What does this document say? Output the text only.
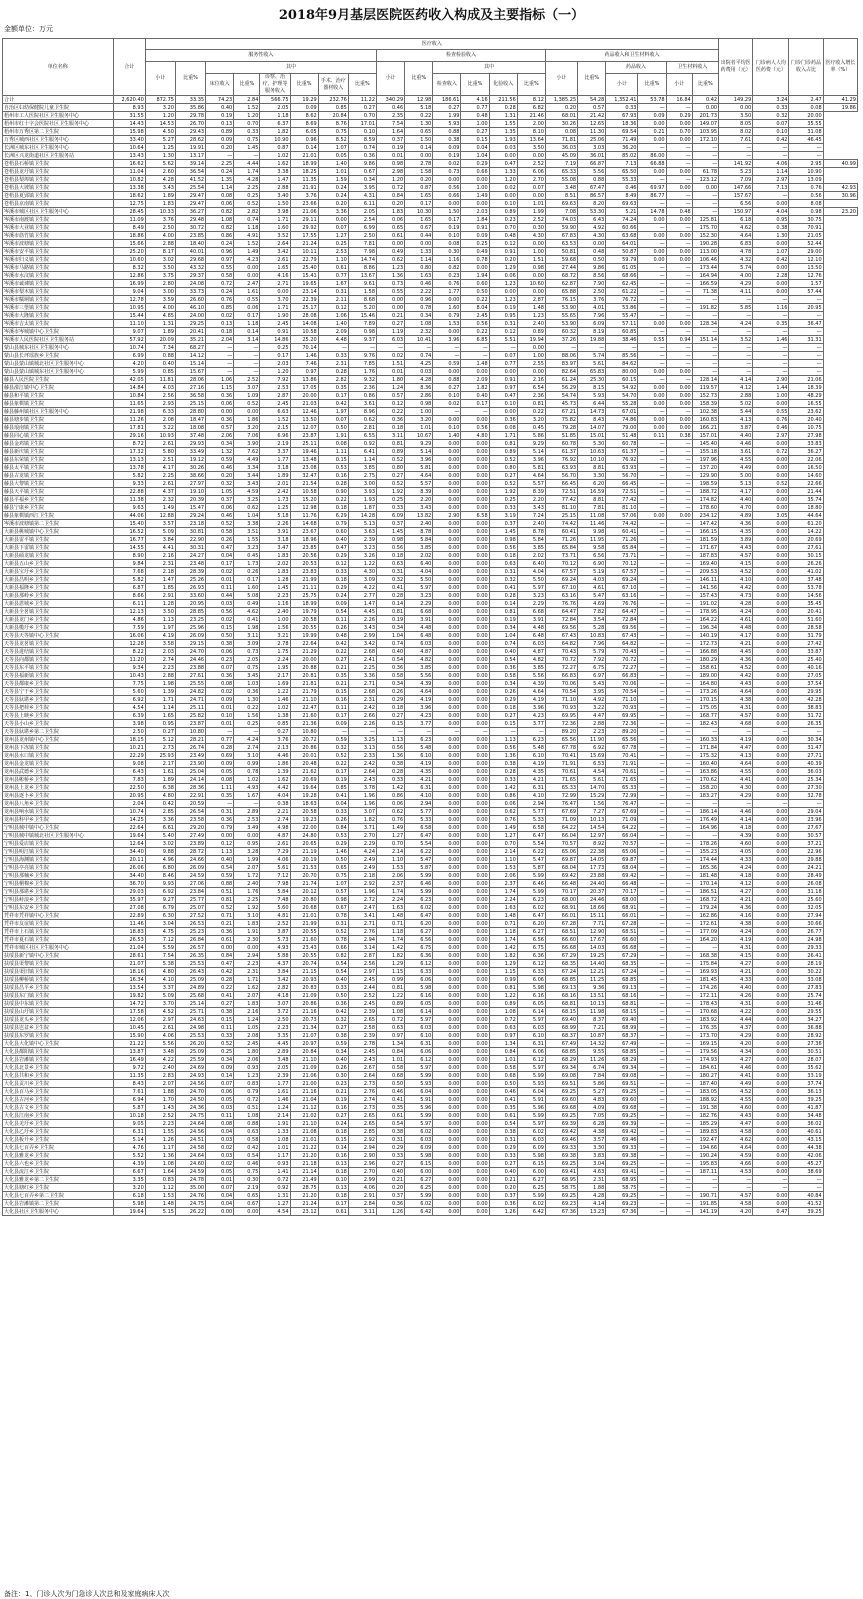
2018年9月基层医院医药收入构成及主要指标（一）
金额单位：万元
单位名称	合计	医疗收入																				出院者平均医药费用（元）	门诊病人人均医药费（元）	门诊门诊药品收入占比	医疗收入增长率（%）
		服务性收入								检查检验收入						药品收入和卫生材料收入									
		小计	比重%	其中						小计	比重%	其中				小计	比重%	药品收入		卫生材料收入					
				床位收入	比重%	诊察、治疗、护理等服务收入	比重%	手术、治疗器材收入	比重%			检查收入	比重%	化验收入	比重%			小计	比重%	小计	比重%				
合计	2,620.40	872.75	33.35	74.23	2.84	566.75	19.29	232.76	11.22	340.29	12.98	186.61	4.16	211.56	8.12	1,385.25	54.28	1,352.41	53.78	16.84	0.42	149.29	3.24	2.47	41.29
自治区妇幼保健院儿童卫生院	8.93	3.20	35.86	0.40	1.52	2.05	0.09	0.85	0.27	0.46	5.18	0.27	0.77	0.28	6.82	0.20	0.57	0.33	—	—	0.00	0.00	0.33	0.08	19.86
梧州市工人医院社区卫生服务中心	31.55	1.20	29.78	0.19	1.20	1.18	8.62	20.84	0.70	2.35	0.22	1.99	0.48	1.31	21.46	68.01	21.42	67.93	0.09	0.29	201.73	3.50	0.32	20.00	
梧州市红十字会医院社区卫生服务中心	14.43	14.53	26.70	0.13	0.70	6.37	8.69	8.76	17.01	7.54	1.30	5.93	1.00	1.55	2.00	30.26	12.65	18.36	0.00	0.00	149.07	8.05	0.07	35.55	
梧州市万秀区第二卫生院	15.98	4.50	29.43	0.89	0.33	1.82	6.05	0.75	0.10	1.64	0.65	0.88	0.27	1.35	8.10	0.08	11.30	69.54	0.21	0.70	103.95	8.02	0.10	31.08	
万秀区城西社区卫生服务中心	33.40	5.27	28.62	0.09	0.75	10.90	0.96	8.52	8.59	0.37	1.50	0.38	0.15	1.93	13.64	71.81	25.06	71.49	0.00	0.00	172.10	7.61	0.42	46.45	
长洲区城东社区卫生服务中心	10.64	1.25	19.91	0.20	1.45	0.87	0.14	1.07	0.74	0.19	0.14	0.09	0.04	0.03	3.50	36.03	3.03	36.20	—	—	—	—	—	—	
长洲区兴龙街道社区卫生服务站	13.43	1.30	13.17	—	—	1.02	21.01	0.05	0.36	0.01	0.00	0.19	1.04	0.00	0.00	45.09	36.01	85.02	86.00	—	—	—	—	—	
苍梧县石桥镇卫生院	16.62	5.62	39.14	2.25	4.44	1.62	18.99	1.40	9.86	0.98	2.78	0.02	0.29	0.47	2.52	7.19	66.87	7.13	66.88	—	—	141.92	4.06	2.95	40.99
苍梧县龙圩镇卫生院	11.04	2.60	36.54	0.24	1.74	3.38	18.25	1.01	0.67	2.98	1.58	0.73	0.66	1.33	6.06	65.33	5.56	65.50	0.00	0.00	61.78	5.23	1.14	10.90	
苍梧县梨埠镇卫生院	10.82	4.28	41.52	1.35	4.28	1.47	11.35	1.59	0.34	1.20	0.20	0.00	0.00	1.20	2.70	55.08	0.88	55.33	—	—	123.12	7.09	2.97	13.09	
苍梧县大坡镇卫生院	13.38	3.43	25.54	1.14	2.25	2.88	21.91	0.24	3.95	0.72	0.87	0.56	1.00	0.02	0.07	3.48	67.47	0.46	69.97	0.00	0.00	147.66	7.13	0.76	42.93
苍梧县夏郢镇卫生院	18.62	1.89	29.47	0.08	0.25	3.40	3.76	0.24	4.31	0.84	1.65	0.66	1.49	0.00	0.00	8.51	86.57	8.49	86.77	—	—	157.67	—	0.56	30.96
苍梧县京南镇卫生院	12.75	1.83	29.47	0.06	0.52	1.50	23.66	0.20	6.11	0.20	0.17	0.00	0.00	0.10	1.01	69.63	8.20	69.63	—	—	—	6.56	0.00	8.08	
岑溪市城区社区卫生服务中心	28.45	10.33	36.27	0.82	2.82	3.98	21.06	3.36	2.05	1.83	10.30	1.50	2.03	0.89	1.99	7.08	53.30	5.21	14.78	0.48	—	150.97	4.04	0.98	23.20
岑溪市南渡镇卫生院	11.09	3.76	29.48	1.08	0.74	1.71	29.11	0.00	2.54	0.06	1.65	0.17	1.84	0.23	2.52	74.03	6.43	74.24	0.00	0.00	125.81	6.18	0.95	30.75	
岑溪市大业镇卫生院	8.49	2.50	30.72	0.82	1.18	1.60	29.92	0.07	6.99	0.65	0.67	0.19	0.91	0.70	0.30	59.90	4.92	60.66	—	—	175.70	4.62	0.38	70.91	
岑溪市筋竹镇卫生院	18.86	4.00	23.85	0.86	4.91	3.52	17.55	1.27	2.50	0.61	0.44	0.10	0.09	0.48	4.30	67.83	4.30	63.68	0.00	0.00	152.30	4.64	1.30	21.05	
岑溪市波塘镇卫生院	15.66	2.88	18.40	0.24	1.52	2.64	21.24	0.25	7.81	0.00	0.00	0.08	0.25	0.12	0.00	63.53	0.00	64.01	—	—	190.28	6.83	0.00	52.44	
岑溪市安平镇卫生院	25.20	8.17	40.01	0.96	1.49	3.42	10.11	2.53	7.98	0.49	1.33	0.30	0.49	0.91	1.00	50.81	0.48	50.87	0.00	0.00	113.00	4.78	1.07	29.00	
岑溪市归义镇卫生院	10.60	3.02	29.68	0.97	4.23	2.61	22.79	1.10	14.74	0.62	1.14	1.16	0.78	0.20	1.51	59.68	0.50	59.79	0.00	0.00	106.46	4.32	0.42	12.10	
岑溪市马路镇卫生院	8.32	3.50	43.32	0.55	0.00	1.65	25.40	0.61	8.86	1.23	0.80	0.82	0.00	1.29	0.98	27.44	9.86	61.05	—	—	173.44	5.74	0.00	13.50	
岑溪市水汶镇卫生院	12.86	3.75	29.37	0.58	0.00	4.16	15.41	0.77	13.67	1.36	1.63	0.23	1.94	0.06	0.00	68.72	8.56	68.66	—	—	164.94	4.00	2.28	12.76	
岑溪市诚谏镇卫生院	16.99	2.80	24.08	0.72	2.47	2.71	19.65	1.67	9.61	0.73	0.46	0.76	0.60	1.23	10.60	62.87	7.90	62.45	—	—	166.59	4.29	0.00	1.57	
岑溪市梨木镇卫生院	9.04	3.00	33.73	0.24	1.61	0.00	23.14	0.31	1.58	0.55	2.22	1.77	0.50	0.00	0.00	65.88	2.50	61.22	—	—	71.38	4.11	0.00	57.44	
岑溪市糯垌镇卫生院	12.78	3.59	26.60	0.76	0.55	3.70	22.39	2.11	8.68	0.00	0.96	0.00	0.22	1.23	2.87	76.15	3.76	76.72	—	—	—	—	—	—	
岑溪市三堡镇卫生院	10.95	4.00	46.10	0.85	0.06	1.71	25.17	0.12	5.20	0.00	0.78	1.60	8.04	0.19	1.48	53.90	4.01	53.86	—	—	191.82	5.85	1.16	20.95	
岑溪市大隆镇卫生院	15.44	4.85	24.00	0.02	0.17	1.90	28.08	1.06	15.46	0.21	0.34	0.79	2.45	0.95	1.23	55.65	7.96	55.47	—	—	—	—	—	—	
岑溪市吉太镇卫生院	11.10	1.31	29.25	0.13	1.18	2.45	14.08	1.40	7.89	0.27	1.08	1.53	0.56	0.31	2.40	53.90	6.09	57.11	0.00	0.00	128.34	4.24	0.35	36.47	
岑溪市岑城镇中心卫生院	9.07	1.89	20.41	0.18	0.14	0.91	10.58	2.09	0.98	1.19	2.32	0.00	0.22	0.12	0.89	60.32	8.19	60.85	—	—	—	—	—	—	
岑溪市人民医院社区卫生服务站	57.92	20.09	35.21	2.04	3.14	14.86	25.20	4.48	9.37	6.03	10.41	3.96	6.85	5.51	19.94	37.26	19.88	38.46	0.55	0.94	151.14	3.52	1.46	31.31	
蒙山县城东社区卫生服务中心	10.74	7.34	68.27	—	—	0.25	70.14	—	—	—	—	—	—	—	0.00	—	—	—	—	—	—	—	—	—	
蒙山县长坪瑶族乡卫生院	6.99	0.88	14.12	—	—	0.17	1.46	0.33	9.76	0.02	0.74	—	—	0.07	1.00	88.06	5.74	85.56	—	—	—	—	—	—	
蒙山县蒙山镇城北社区卫生服务中心	4.20	0.40	15.14	—	—	2.03	7.46	2.31	7.85	1.51	4.25	0.59	1.48	0.77	2.55	83.97	5.61	84.62	—	—	—	—	—	—	
蒙山县蒙山镇城东社区卫生服务中心	5.99	0.85	15.67	—	—	1.20	0.97	0.28	1.76	0.01	0.03	0.00	0.00	0.00	0.00	82.64	65.83	80.00	0.00	0.00	—	—	—	—	
藤县人民医院卫生院	42.05	11.81	28.06	1.06	2.52	7.92	13.86	2.82	9.32	1.80	4.28	0.88	2.09	0.91	2.16	61.24	25.30	60.15	—	—	128.14	4.14	2.90	21.06	
藤县濛江镇中心卫生院	14.84	4.03	27.16	1.15	3.07	2.53	17.05	0.35	2.36	1.24	8.36	0.27	1.82	0.97	6.54	56.29	8.15	54.92	0.00	0.00	119.57	4.12	1.44	18.39	
藤县和平镇卫生院	10.84	2.56	36.58	0.36	1.09	2.87	20.00	0.17	0.86	0.57	2.86	0.10	0.40	0.47	2.36	54.74	5.93	54.70	0.00	0.00	152.73	2.88	1.00	48.29	
藤县象棋镇卫生院	11.65	2.93	25.15	0.06	0.52	2.45	21.03	0.42	3.61	0.12	0.98	0.02	0.17	0.10	0.81	45.73	6.44	55.28	0.00	0.00	158.39	5.02	0.00	16.55	
藤县藤州镇社区卫生服务中心	21.98	6.33	28.80	0.00	0.00	6.63	12.46	1.97	8.96	0.22	1.00	—	—	0.00	0.22	67.21	14.73	67.01	—	—	102.38	5.44	0.55	23.62	
藤县塘步镇卫生院	11.26	2.08	18.47	0.36	1.86	1.52	13.50	0.07	0.62	0.36	3.20	0.00	0.00	0.36	3.20	75.82	8.43	74.86	0.00	0.00	160.83	4.13	0.76	20.40	
藤县琅南镇卫生院	17.81	3.22	18.08	0.57	3.20	2.15	12.07	0.50	2.81	0.18	1.01	0.10	0.56	0.08	0.45	79.28	14.07	79.00	0.00	0.00	166.21	3.87	0.46	10.75	
藤县同心镇卫生院	29.16	10.93	37.48	2.06	7.06	6.96	23.87	1.91	6.55	3.11	10.67	1.40	4.80	1.71	5.86	51.85	15.01	51.48	0.11	0.38	157.01	4.40	2.97	27.98	
藤县金鸡镇卫生院	8.72	2.61	29.93	0.34	3.90	2.19	25.11	0.08	0.92	0.81	9.29	0.00	0.00	0.81	9.29	60.78	5.30	60.78	—	—	145.40	4.46	0.00	33.83	
藤县新庆镇卫生院	17.32	5.80	33.49	1.32	7.62	3.37	19.46	1.11	6.41	0.89	5.14	0.00	0.00	0.89	5.14	61.37	10.63	61.37	—	—	155.18	3.61	0.72	36.27	
藤县东荣镇卫生院	13.13	2.51	19.12	0.59	4.49	1.77	13.48	0.15	1.14	0.52	3.96	0.00	0.00	0.52	3.96	76.92	10.10	76.92	—	—	197.96	4.55	0.00	22.06	
藤县太平镇卫生院	13.78	4.17	30.26	0.46	3.34	3.18	23.08	0.53	3.85	0.80	5.81	0.00	0.00	0.80	5.81	63.93	8.81	63.93	—	—	137.20	4.49	0.00	16.50	
藤县古龙镇卫生院	5.82	2.25	38.66	0.20	3.44	1.89	32.47	0.16	2.75	0.27	4.64	0.00	0.00	0.27	4.64	56.70	3.30	56.70	—	—	129.90	5.00	0.00	14.60	
藤县大黎镇卫生院	9.33	2.61	27.97	0.32	3.43	2.01	21.54	0.28	3.00	0.52	5.57	0.00	0.00	0.52	5.57	66.45	6.20	66.45	—	—	198.59	5.13	0.52	22.66	
藤县天平镇卫生院	22.88	4.37	19.10	1.05	4.59	2.42	10.58	0.90	3.93	1.92	8.39	0.00	0.00	1.92	8.39	72.51	16.59	72.51	—	—	188.72	4.17	0.00	21.44	
藤县平福乡卫生院	11.38	2.32	20.39	0.37	3.25	1.73	15.20	0.22	1.93	0.25	2.20	0.00	0.00	0.25	2.20	77.42	8.81	77.42	—	—	174.82	4.40	0.00	35.74	
藤县宁康乡卫生院	9.63	1.49	15.47	0.06	0.62	1.25	12.98	0.18	1.87	0.33	3.43	0.00	0.00	0.33	3.43	81.10	7.81	81.10	—	—	178.60	4.70	0.00	18.80	
藤县象棋镇西江卫生院	44.06	12.88	29.24	0.46	1.04	5.18	11.76	6.29	14.28	6.09	13.82	2.90	6.58	3.19	7.24	25.15	11.08	57.06	0.00	0.00	234.12	4.89	3.05	44.64	
岑溪市波塘镇第二卫生院	15.40	3.57	23.18	0.52	3.38	2.26	14.68	0.79	5.13	0.37	2.40	0.00	0.00	0.37	2.40	74.42	11.46	74.42	—	—	147.42	4.36	0.00	61.20	
大新县桃城镇中心卫生院	16.52	5.09	30.81	0.58	3.51	3.91	23.67	0.60	3.63	1.45	8.78	0.00	0.00	1.45	8.78	60.41	9.98	60.41	—	—	166.15	4.35	0.00	14.22	
大新县雷平镇卫生院	16.77	3.84	22.90	0.26	1.55	3.18	18.96	0.40	2.39	0.98	5.84	0.00	0.00	0.98	5.84	71.26	11.95	71.26	—	—	181.59	3.89	0.00	20.69	
大新县下雷镇卫生院	14.55	4.41	30.31	0.47	3.23	3.47	23.85	0.47	3.23	0.56	3.85	0.00	0.00	0.56	3.85	65.84	9.58	65.84	—	—	171.67	4.43	0.00	27.61	
大新县硕龙镇卫生院	8.90	2.16	24.27	0.04	0.45	1.83	20.56	0.29	3.26	0.18	2.02	0.00	0.00	0.18	2.02	73.71	6.56	73.71	—	—	187.83	4.57	0.00	30.15	
大新县五山乡卫生院	9.84	2.31	23.48	0.17	1.73	2.02	20.53	0.12	1.22	0.63	6.40	0.00	0.00	0.63	6.40	70.12	6.90	70.12	—	—	169.40	4.15	0.00	26.26	
大新县宝圩乡卫生院	7.68	2.18	28.39	0.02	0.26	1.83	23.83	0.33	4.30	0.31	4.04	0.00	0.00	0.31	4.04	67.57	5.19	67.57	—	—	209.53	4.52	0.00	41.02	
大新县昌明乡卫生院	5.82	1.47	25.26	0.01	0.17	1.28	21.99	0.18	3.09	0.32	5.50	0.00	0.00	0.32	5.50	69.24	4.03	69.24	—	—	146.11	4.10	0.00	37.48	
大新县福隆乡卫生院	6.87	1.85	26.93	0.11	1.60	1.45	21.11	0.29	4.22	0.41	5.97	0.00	0.00	0.41	5.97	67.10	4.61	67.10	—	—	141.56	4.42	0.00	53.78	
大新县那岭乡卫生院	8.66	2.91	33.60	0.44	5.08	2.23	25.75	0.24	2.77	0.28	3.23	0.00	0.00	0.28	3.23	63.16	5.47	63.16	—	—	157.43	4.73	0.00	14.56	
大新县恩城乡卫生院	6.11	1.28	20.95	0.03	0.49	1.16	18.99	0.09	1.47	0.14	2.29	0.00	0.00	0.14	2.29	76.76	4.69	76.76	—	—	191.02	4.28	0.00	35.45	
大新县全茗镇卫生院	12.13	3.50	28.85	0.56	4.62	2.40	19.79	0.54	4.45	0.81	6.68	0.00	0.00	0.81	6.68	64.47	7.82	64.47	—	—	178.95	4.24	0.00	20.41	
大新县龙门乡卫生院	4.86	1.13	23.25	0.02	0.41	1.00	20.58	0.11	2.26	0.19	3.91	0.00	0.00	0.19	3.91	72.84	3.54	72.84	—	—	164.22	4.61	0.00	51.60	
大新县榄圩乡卫生院	7.59	1.97	25.96	0.15	1.98	1.56	20.55	0.26	3.43	0.34	4.48	0.00	0.00	0.34	4.48	69.56	5.28	69.56	—	—	196.34	4.48	0.00	28.58	
天等县天等镇中心卫生院	16.06	4.19	26.09	0.50	3.11	3.21	19.99	0.48	2.99	1.04	6.48	0.00	0.00	1.04	6.48	67.43	10.83	67.43	—	—	140.19	4.17	0.00	31.79	
天等县龙茗镇卫生院	12.28	3.58	29.15	0.38	3.09	2.78	22.64	0.42	3.42	0.74	6.03	0.00	0.00	0.74	6.03	64.82	7.96	64.82	—	—	172.73	4.21	0.00	27.42	
天等县进结镇卫生院	8.22	2.03	24.70	0.06	0.73	1.75	21.29	0.22	2.68	0.40	4.87	0.00	0.00	0.40	4.87	70.43	5.79	70.43	—	—	166.88	4.45	0.00	33.87	
天等县向都镇卫生院	11.20	2.74	24.46	0.23	2.05	2.24	20.00	0.27	2.41	0.54	4.82	0.00	0.00	0.54	4.82	70.72	7.92	70.72	—	—	180.29	4.36	0.00	25.40	
天等县东平镇卫生院	9.34	2.23	23.88	0.07	0.75	1.95	20.88	0.21	2.25	0.36	3.85	0.00	0.00	0.36	3.85	72.27	6.75	72.27	—	—	158.61	4.52	0.00	40.16	
天等县福新镇卫生院	10.43	2.88	27.61	0.36	3.45	2.17	20.81	0.35	3.36	0.58	5.56	0.00	0.00	0.58	5.56	66.83	6.97	66.83	—	—	189.00	4.42	0.00	27.05	
天等县都康乡卫生院	7.75	1.98	25.55	0.08	1.03	1.69	21.81	0.21	2.71	0.34	4.39	0.00	0.00	0.34	4.39	70.06	5.43	70.06	—	—	164.80	4.43	0.00	37.54	
天等县宁干乡卫生院	5.60	1.39	24.82	0.02	0.36	1.22	21.79	0.15	2.68	0.26	4.64	0.00	0.00	0.26	4.64	70.54	3.95	70.54	—	—	173.26	4.64	0.00	29.95	
天等县驮堪乡卫生院	6.92	1.71	24.71	0.09	1.30	1.46	21.10	0.16	2.31	0.29	4.19	0.00	0.00	0.29	4.19	71.10	4.92	71.10	—	—	170.15	4.38	0.00	42.28	
天等县把荷乡卫生院	4.54	1.14	25.11	0.01	0.22	1.02	22.47	0.11	2.42	0.18	3.96	0.00	0.00	0.18	3.96	70.93	3.22	70.93	—	—	175.05	4.31	0.00	38.83	
天等县上映乡卫生院	6.39	1.65	25.82	0.10	1.56	1.38	21.60	0.17	2.66	0.27	4.23	0.00	0.00	0.27	4.23	69.95	4.47	69.95	—	—	168.77	4.57	0.00	31.72	
天等县小山乡卫生院	3.98	0.95	23.87	0.01	0.25	0.85	21.36	0.09	2.26	0.15	3.77	0.00	0.00	0.15	3.77	72.36	2.88	72.36	—	—	182.43	4.68	0.00	26.35	
天等县驮堪乡第二卫生院	2.50	0.27	10.80	—	—	0.27	10.80	—	—	—	—	—	—	—	—	89.20	2.23	89.20	—	—	—	—	—	—	
龙州县龙州镇中心卫生院	18.15	5.12	28.21	0.77	4.24	3.76	20.72	0.59	3.25	1.13	6.23	0.00	0.00	1.13	6.23	65.56	11.90	65.56	—	—	160.33	4.19	0.00	30.34	
龙州县下冻镇卫生院	10.21	2.73	26.74	0.28	2.74	2.13	20.86	0.32	3.13	0.56	5.48	0.00	0.00	0.56	5.48	67.78	6.92	67.78	—	—	171.84	4.47	0.00	31.47	
龙州县水口镇卫生院	22.29	25.93	23.49	0.69	3.10	4.46	20.01	0.52	2.33	1.36	6.10	0.00	0.00	1.36	6.10	70.41	15.69	70.41	—	—	175.32	4.13	0.00	27.71	
龙州县金龙镇卫生院	9.08	2.17	23.90	0.09	0.99	1.86	20.48	0.22	2.42	0.38	4.19	0.00	0.00	0.38	4.19	71.91	6.53	71.91	—	—	160.40	4.64	0.00	40.39	
龙州县武德乡卫生院	6.43	1.61	25.04	0.05	0.78	1.39	21.62	0.17	2.64	0.28	4.35	0.00	0.00	0.28	4.35	70.61	4.54	70.61	—	—	163.86	4.55	0.00	36.03	
龙州县彬桥乡卫生院	7.83	1.89	24.14	0.08	1.02	1.62	20.69	0.19	2.43	0.33	4.21	0.00	0.00	0.33	4.21	71.65	5.61	71.65	—	—	170.62	4.41	0.00	25.34	
龙州县上龙乡卫生院	22.50	6.38	28.36	1.11	4.93	4.42	19.64	0.85	3.78	1.42	6.31	0.00	0.00	1.42	6.31	65.33	14.70	65.33	—	—	158.20	4.30	0.00	27.30	
龙州县逐卜乡卫生院	20.95	4.80	22.91	0.35	1.67	4.04	19.28	0.41	1.96	0.86	4.10	0.00	0.00	0.86	4.10	72.99	15.29	72.99	—	—	183.27	4.29	0.00	32.78	
龙州县八角乡卫生院	2.04	0.42	20.59	—	—	0.38	18.63	0.04	1.96	0.06	2.94	0.00	0.00	0.06	2.94	76.47	1.56	76.47	—	—	—	—	—	—	
龙州县响水镇卫生院	10.74	2.85	26.54	0.31	2.89	2.21	20.58	0.33	3.07	0.62	5.77	0.00	0.00	0.62	5.77	67.69	7.27	67.69	—	—	186.14	4.46	0.00	29.04	
龙州县科甲乡卫生院	14.25	3.36	23.58	0.36	2.53	2.74	19.23	0.26	1.82	0.76	5.33	0.00	0.00	0.76	5.33	71.09	10.13	71.09	—	—	176.49	4.14	0.00	23.96	
宁明县城中镇中心卫生院	22.64	6.61	29.20	0.79	3.49	4.98	22.00	0.84	3.71	1.49	6.58	0.00	0.00	1.49	6.58	64.22	14.54	64.22	—	—	164.96	4.18	0.00	27.67	
宁明县城中镇城北社区卫生服务中心	19.64	5.40	27.49	0.00	0.00	4.87	24.80	0.53	2.70	1.27	6.47	0.00	0.00	1.27	6.47	66.04	12.97	66.04	—	—	—	4.39	0.00	30.57	
宁明县爱店镇卫生院	12.64	3.02	23.89	0.12	0.95	2.61	20.65	0.29	2.29	0.70	5.54	0.00	0.00	0.70	5.54	70.57	8.92	70.57	—	—	178.26	4.60	0.00	37.21	
宁明县明江镇卫生院	34.40	9.88	28.72	1.13	3.28	7.29	21.19	1.46	4.24	2.14	6.22	0.00	0.00	2.14	6.22	65.06	22.38	65.06	—	—	155.23	4.05	0.00	22.96	
宁明县海渊镇卫生院	20.11	4.96	24.66	0.40	1.99	4.06	20.19	0.50	2.49	1.10	5.47	0.00	0.00	1.10	5.47	69.87	14.05	69.87	—	—	174.44	4.33	0.00	29.88	
宁明县亭亮镇卫生院	26.06	6.80	26.09	0.54	2.07	5.61	21.53	0.65	2.49	1.53	5.87	0.00	0.00	1.53	5.87	68.04	17.73	68.04	—	—	165.36	4.24	0.00	24.21	
宁明县那楠乡卫生院	34.40	8.46	24.59	0.59	1.72	7.12	20.70	0.75	2.18	2.06	5.99	0.00	0.00	2.06	5.99	69.42	23.88	69.42	—	—	181.48	4.18	0.00	28.49	
宁明县桐棉乡卫生院	36.70	9.93	27.06	0.88	2.40	7.98	21.74	1.07	2.92	2.37	6.46	0.00	0.00	2.37	6.46	66.48	24.40	66.48	—	—	170.14	4.12	0.00	26.08	
宁明县那堪乡卫生院	29.03	6.92	23.84	0.51	1.76	5.84	20.12	0.57	1.96	1.74	5.99	0.00	0.00	1.74	5.99	70.17	20.37	70.17	—	—	186.51	4.27	0.00	31.18	
宁明县峙浪乡卫生院	35.97	9.27	25.77	0.81	2.25	7.48	20.80	0.98	2.72	2.24	6.23	0.00	0.00	2.24	6.23	68.00	24.46	68.00	—	—	168.72	4.21	0.00	25.60	
宁明县东安乡卫生院	27.08	6.79	25.07	0.52	1.92	5.60	20.68	0.67	2.47	1.63	6.02	0.00	0.00	1.63	6.02	68.91	18.66	68.91	—	—	179.24	4.36	0.00	32.05	
凭祥市凭祥镇中心卫生院	22.89	6.30	27.52	0.71	3.10	4.81	21.01	0.78	3.41	1.48	6.47	0.00	0.00	1.48	6.47	66.01	15.11	66.01	—	—	162.86	4.16	0.00	27.94	
凭祥市友谊镇卫生院	11.46	3.04	26.53	0.21	1.83	2.52	21.99	0.31	2.71	0.71	6.20	0.00	0.00	0.71	6.20	67.28	7.71	67.28	—	—	172.61	4.38	0.00	30.66	
凭祥市上石镇卫生院	18.83	4.75	25.23	0.36	1.91	3.87	20.55	0.52	2.76	1.18	6.27	0.00	0.00	1.18	6.27	68.51	12.90	68.51	—	—	177.09	4.24	0.00	26.77	
凭祥市夏石镇卫生院	26.53	7.12	26.84	0.61	2.30	5.73	21.60	0.78	2.94	1.74	6.56	0.00	0.00	1.74	6.56	66.60	17.67	66.60	—	—	164.20	4.19	0.00	24.98	
凭祥市城区社区卫生服务中心	21.04	5.59	26.57	0.00	0.00	4.93	23.43	0.66	3.14	1.42	6.75	0.00	0.00	1.42	6.75	66.68	14.03	66.68	—	—	—	4.31	0.00	29.33	
扶绥县新宁镇中心卫生院	28.61	7.54	26.35	0.84	2.94	5.88	20.55	0.82	2.87	1.82	6.36	0.00	0.00	1.82	6.36	67.29	19.25	67.29	—	—	168.38	4.15	0.00	26.41	
扶绥县渠黎镇卫生院	21.07	5.38	25.53	0.47	2.23	4.37	20.74	0.54	2.56	1.29	6.12	0.00	0.00	1.29	6.12	68.35	14.40	68.35	—	—	175.84	4.27	0.00	28.19	
扶绥县渠旧镇卫生院	18.16	4.80	26.43	0.42	2.31	3.84	21.15	0.54	2.97	1.15	6.33	0.00	0.00	1.15	6.33	67.24	12.21	67.24	—	—	169.93	4.21	0.00	30.22	
扶绥县柳桥镇卫生院	16.34	4.10	25.09	0.28	1.71	3.42	20.93	0.40	2.45	0.99	6.06	0.00	0.00	0.99	6.06	68.85	11.25	68.85	—	—	181.45	4.33	0.00	33.08	
扶绥县昌平乡卫生院	13.54	3.37	24.89	0.22	1.62	2.82	20.83	0.33	2.44	0.81	5.98	0.00	0.00	0.81	5.98	69.13	9.36	69.13	—	—	174.26	4.40	0.00	27.83	
扶绥县东门镇卫生院	19.82	5.09	25.68	0.41	2.07	4.18	21.09	0.50	2.52	1.22	6.16	0.00	0.00	1.22	6.16	68.16	13.51	68.16	—	—	172.11	4.26	0.00	25.74	
扶绥县中东镇卫生院	14.72	3.70	25.14	0.27	1.83	3.07	20.86	0.36	2.45	0.89	6.05	0.00	0.00	0.89	6.05	68.81	10.13	68.81	—	—	178.43	4.31	0.00	31.46	
扶绥县山圩镇卫生院	17.58	4.52	25.71	0.38	2.16	3.72	21.16	0.42	2.39	1.08	6.14	0.00	0.00	1.08	6.14	68.15	11.98	68.15	—	—	170.68	4.22	0.00	29.55	
扶绥县龙头乡卫生院	12.06	2.97	24.63	0.15	1.24	2.50	20.73	0.32	2.65	0.72	5.97	0.00	0.00	0.72	5.97	69.40	8.37	69.40	—	—	183.92	4.44	0.00	34.27	
扶绥县岜盆乡卫生院	10.45	2.61	24.98	0.11	1.05	2.23	21.34	0.27	2.58	0.63	6.03	0.00	0.00	0.63	6.03	68.99	7.21	68.99	—	—	176.35	4.37	0.00	36.88	
扶绥县东罗镇卫生院	15.90	4.06	25.53	0.33	2.08	3.35	21.07	0.38	2.39	0.97	6.10	0.00	0.00	0.97	6.10	68.37	10.87	68.37	—	—	173.70	4.29	0.00	28.92	
大化县大化镇中心卫生院	21.22	5.56	26.20	0.52	2.45	4.45	20.97	0.59	2.78	1.34	6.31	0.00	0.00	1.34	6.31	67.49	14.32	67.49	—	—	169.15	4.20	0.00	27.36	
大化县都阳镇卫生院	13.87	3.48	25.09	0.25	1.80	2.89	20.84	0.34	2.45	0.84	6.06	0.00	0.00	0.84	6.06	68.85	9.55	68.85	—	—	179.56	4.34	0.00	30.51	
大化县岩滩镇卫生院	16.49	4.22	25.59	0.34	2.06	3.48	21.10	0.40	2.43	1.01	6.12	0.00	0.00	1.01	6.12	68.29	11.26	68.29	—	—	174.93	4.27	0.00	28.07	
大化县北景乡卫生院	9.72	2.40	24.69	0.09	0.93	2.05	21.09	0.26	2.67	0.58	5.97	0.00	0.00	0.58	5.97	69.34	6.74	69.34	—	—	184.61	4.46	0.00	35.62	
大化县共和乡卫生院	11.35	2.83	24.93	0.14	1.23	2.39	21.06	0.30	2.64	0.68	5.99	0.00	0.00	0.68	5.99	69.08	7.84	69.08	—	—	180.27	4.41	0.00	33.19	
大化县贡川乡卫生院	8.43	2.07	24.56	0.07	0.83	1.77	21.00	0.23	2.73	0.50	5.93	0.00	0.00	0.50	5.93	69.51	5.86	69.51	—	—	187.40	4.49	0.00	37.74	
大化县百马乡卫生院	7.61	1.88	24.70	0.06	0.79	1.61	21.16	0.21	2.76	0.46	6.04	0.00	0.00	0.46	6.04	69.25	5.27	69.25	—	—	183.05	4.52	0.00	36.13	
大化县古河乡卫生院	6.94	1.70	24.50	0.05	0.72	1.46	21.04	0.19	2.74	0.41	5.91	0.00	0.00	0.41	5.91	69.60	4.83	69.60	—	—	188.92	4.55	0.00	39.25	
大化县古文乡卫生院	5.87	1.43	24.36	0.03	0.51	1.24	21.12	0.16	2.73	0.35	5.96	0.00	0.00	0.35	5.96	69.68	4.09	69.68	—	—	191.38	4.60	0.00	41.87	
大化县江南乡卫生院	10.18	2.52	24.75	0.11	1.08	2.14	21.02	0.27	2.65	0.61	5.99	0.00	0.00	0.61	5.99	69.25	7.05	69.25	—	—	182.76	4.43	0.00	34.48	
大化县羌圩乡卫生院	9.05	2.23	24.64	0.08	0.88	1.91	21.10	0.24	2.65	0.54	5.97	0.00	0.00	0.54	5.97	69.39	6.28	69.39	—	—	185.29	4.47	0.00	36.02	
大化县乙圩乡卫生院	6.31	1.55	24.56	0.04	0.63	1.33	21.08	0.18	2.85	0.38	6.02	0.00	0.00	0.38	6.02	69.42	4.38	69.42	—	—	189.83	4.58	0.00	40.61	
大化县板升乡卫生院	5.14	1.26	24.51	0.03	0.58	1.08	21.01	0.15	2.92	0.31	6.03	0.00	0.00	0.31	6.03	69.46	3.57	69.46	—	—	192.47	4.62	0.00	43.15	
大化县七百弄乡卫生院	4.76	1.17	24.58	0.02	0.42	1.01	21.22	0.14	2.94	0.29	6.09	0.00	0.00	0.29	6.09	69.33	3.30	69.33	—	—	194.66	4.64	0.00	44.38	
大化县雅龙乡卫生院	5.52	1.36	24.64	0.03	0.54	1.17	21.20	0.16	2.90	0.33	5.98	0.00	0.00	0.33	5.98	69.38	3.83	69.38	—	—	190.24	4.59	0.00	42.06	
大化县六也乡卫生院	4.39	1.08	24.60	0.02	0.46	0.93	21.18	0.13	2.96	0.27	6.15	0.00	0.00	0.27	6.15	69.25	3.04	69.25	—	—	195.83	4.66	0.00	45.27	
大化县流江乡卫生院	6.67	1.64	24.59	0.05	0.75	1.41	21.14	0.18	2.70	0.40	6.00	0.00	0.00	0.40	6.00	69.41	4.63	69.41	—	—	187.11	4.53	0.00	38.69	
大化县雅龙乡第二卫生院	3.35	0.83	24.78	0.01	0.30	0.72	21.49	0.10	2.99	0.21	6.27	0.00	0.00	0.21	6.27	68.95	2.31	68.95	—	—	—	—	—	—	
大化县塘红乡卫生院	3.20	1.12	35.00	0.07	2.19	0.92	28.75	0.13	4.06	0.20	6.25	0.00	0.00	0.20	6.25	58.75	1.88	58.75	—	—	—	—	—	—	
大化县七百弄乡第二卫生院	6.18	1.53	24.76	0.04	0.65	1.31	21.20	0.18	2.91	0.37	5.99	0.00	0.00	0.37	5.99	69.25	4.28	69.25	—	—	190.71	4.57	0.00	40.84	
大化县岩滩镇第二卫生院	5.98	1.48	24.75	0.04	0.67	1.27	21.24	0.17	2.84	0.36	6.02	0.00	0.00	0.36	6.02	69.23	4.14	69.23	—	—	191.85	4.58	0.00	41.52	
大化县社区卫生服务中心	19.64	5.15	26.22	0.00	0.00	4.54	23.12	0.61	3.11	1.26	6.42	0.00	0.00	1.26	6.42	67.36	13.23	67.36	—	—	141.19	4.20	0.47	39.25	
备注：1、门诊人次为门急诊人次总和及家庭病床人次
